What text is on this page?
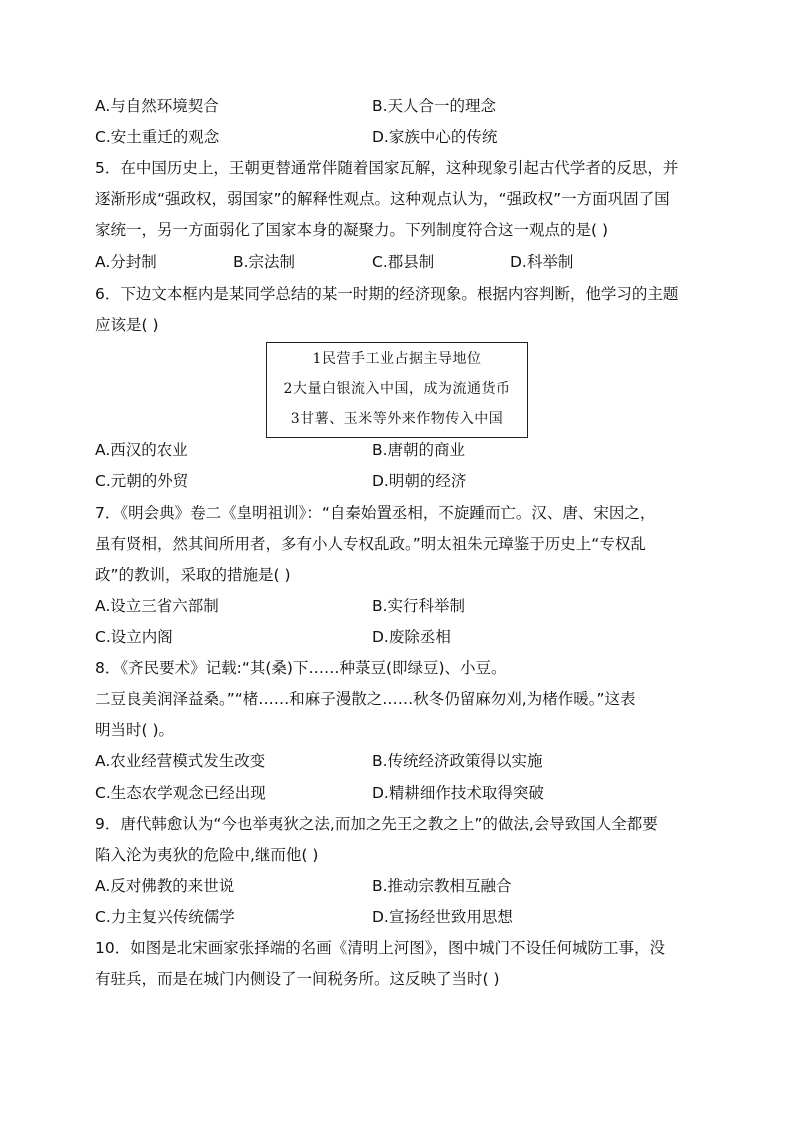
A.与自然环境契合	B.天人合一的理念
C.安土重迁的观念	D.家族中心的传统
5．在中国历史上，王朝更替通常伴随着国家瓦解，这种现象引起古代学者的反思，并
逐渐形成“强政权，弱国家”的解释性观点。这种观点认为，“强政权”一方面巩固了国
家统一，另一方面弱化了国家本身的凝聚力。下列制度符合这一观点的是( )
A.分封制	B.宗法制	C.郡县制	D.科举制
6．下边文本框内是某同学总结的某一时期的经济现象。根据内容判断，他学习的主题
应该是( )
1民营手工业占据主导地位
2大量白银流入中国，成为流通货币
3甘薯、玉米等外来作物传入中国
A.西汉的农业	B.唐朝的商业
C.元朝的外贸	D.明朝的经济
7．《明会典》卷二《皇明祖训》：“自秦始置丞相，不旋踵而亡。汉、唐、宋因之，
虽有贤相，然其间所用者，多有小人专权乱政。”明太祖朱元璋鉴于历史上“专权乱
政”的教训，采取的措施是( )
A.设立三省六部制	B.实行科举制
C.设立内阁	D.废除丞相
8．《齐民要术》记载:“其(桑)下……种菉豆(即绿豆)、小豆。
二豆良美润泽益桑。”“楮……和麻子漫散之……秋冬仍留麻勿刈,为楮作暖。”这表
明当时( )。
A.农业经营模式发生改变	B.传统经济政策得以实施
C.生态农学观念已经出现	D.精耕细作技术取得突破
9．唐代韩愈认为“今也举夷狄之法,而加之先王之教之上”的做法,会导致国人全都要
陷入沦为夷狄的危险中,继而他( )
A.反对佛教的来世说	B.推动宗教相互融合
C.力主复兴传统儒学	D.宣扬经世致用思想
10．如图是北宋画家张择端的名画《清明上河图》，图中城门不设任何城防工事，没
有驻兵，而是在城门内侧设了一间税务所。这反映了当时( )
